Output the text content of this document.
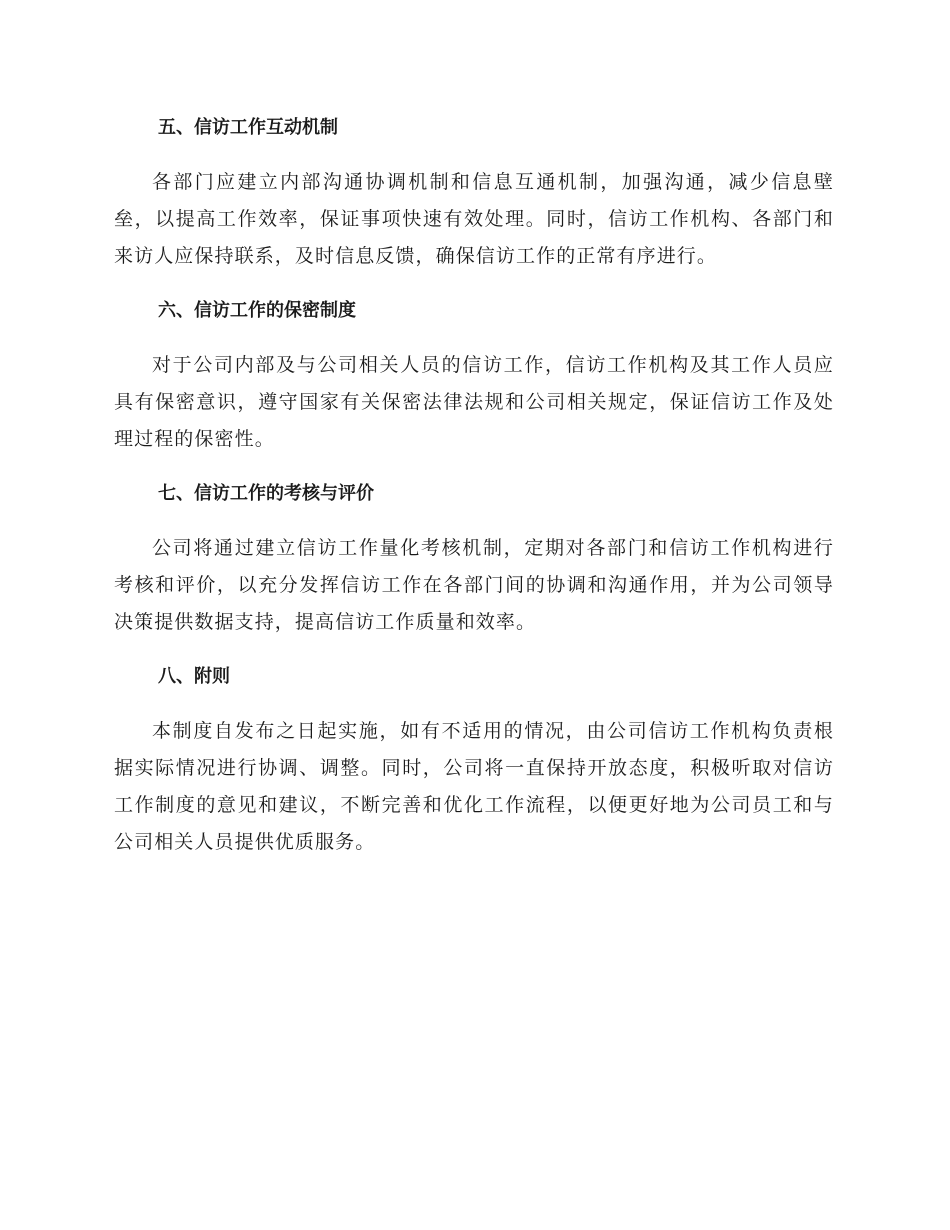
五、信访工作互动机制

各部门应建立内部沟通协调机制和信息互通机制，加强沟通，减少信息壁垒，以提高工作效率，保证事项快速有效处理。同时，信访工作机构、各部门和来访人应保持联系，及时信息反馈，确保信访工作的正常有序进行。

六、信访工作的保密制度

对于公司内部及与公司相关人员的信访工作，信访工作机构及其工作人员应具有保密意识，遵守国家有关保密法律法规和公司相关规定，保证信访工作及处理过程的保密性。

七、信访工作的考核与评价

公司将通过建立信访工作量化考核机制，定期对各部门和信访工作机构进行考核和评价，以充分发挥信访工作在各部门间的协调和沟通作用，并为公司领导决策提供数据支持，提高信访工作质量和效率。

八、附则

本制度自发布之日起实施，如有不适用的情况，由公司信访工作机构负责根据实际情况进行协调、调整。同时，公司将一直保持开放态度，积极听取对信访工作制度的意见和建议，不断完善和优化工作流程，以便更好地为公司员工和与公司相关人员提供优质服务。
